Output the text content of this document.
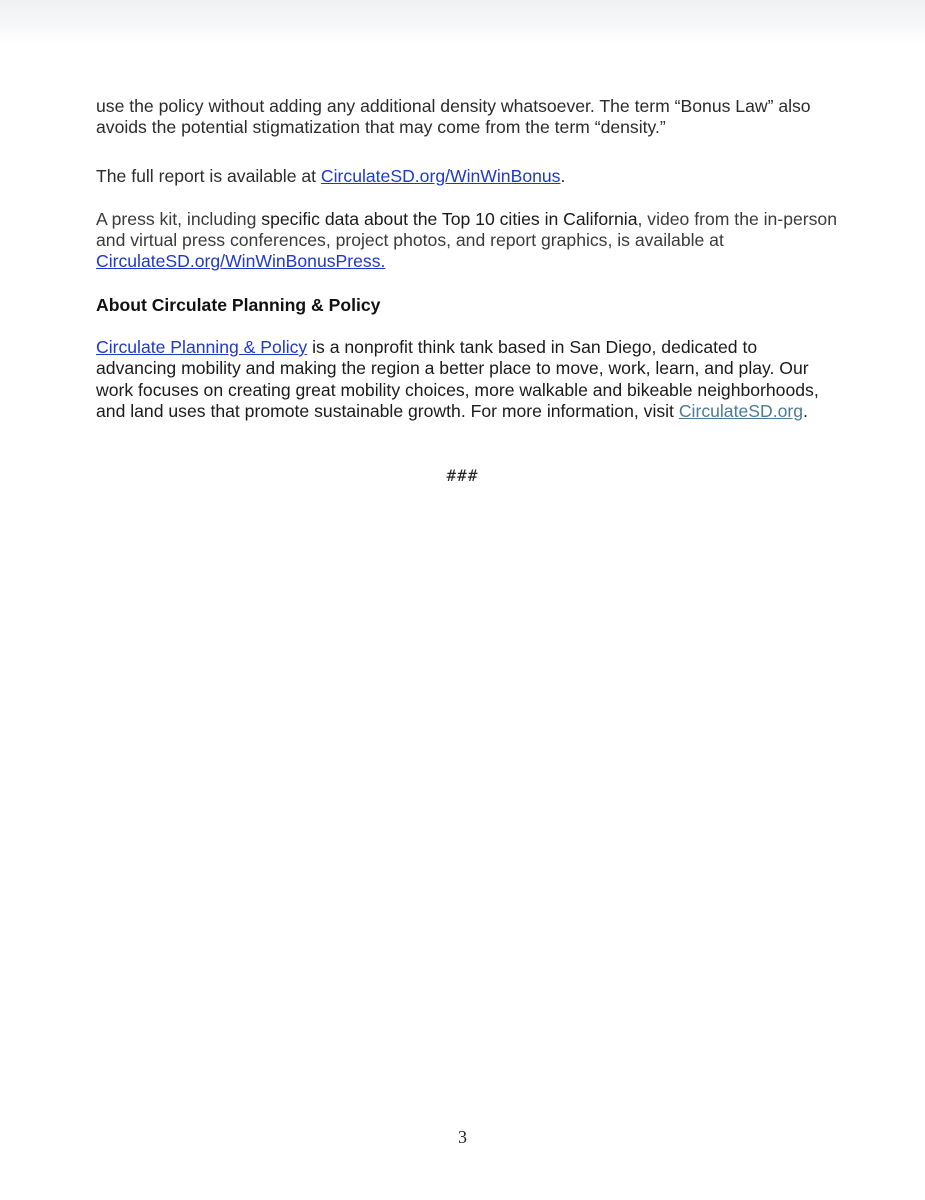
use the policy without adding any additional density whatsoever. The term “Bonus Law” also avoids the potential stigmatization that may come from the term “density.”

The full report is available at CirculateSD.org/WinWinBonus.

A press kit, including specific data about the Top 10 cities in California, video from the in-person and virtual press conferences, project photos, and report graphics, is available at CirculateSD.org/WinWinBonusPress.

About Circulate Planning & Policy

Circulate Planning & Policy is a nonprofit think tank based in San Diego, dedicated to advancing mobility and making the region a better place to move, work, learn, and play. Our work focuses on creating great mobility choices, more walkable and bikeable neighborhoods, and land uses that promote sustainable growth. For more information, visit CirculateSD.org.

###
3
